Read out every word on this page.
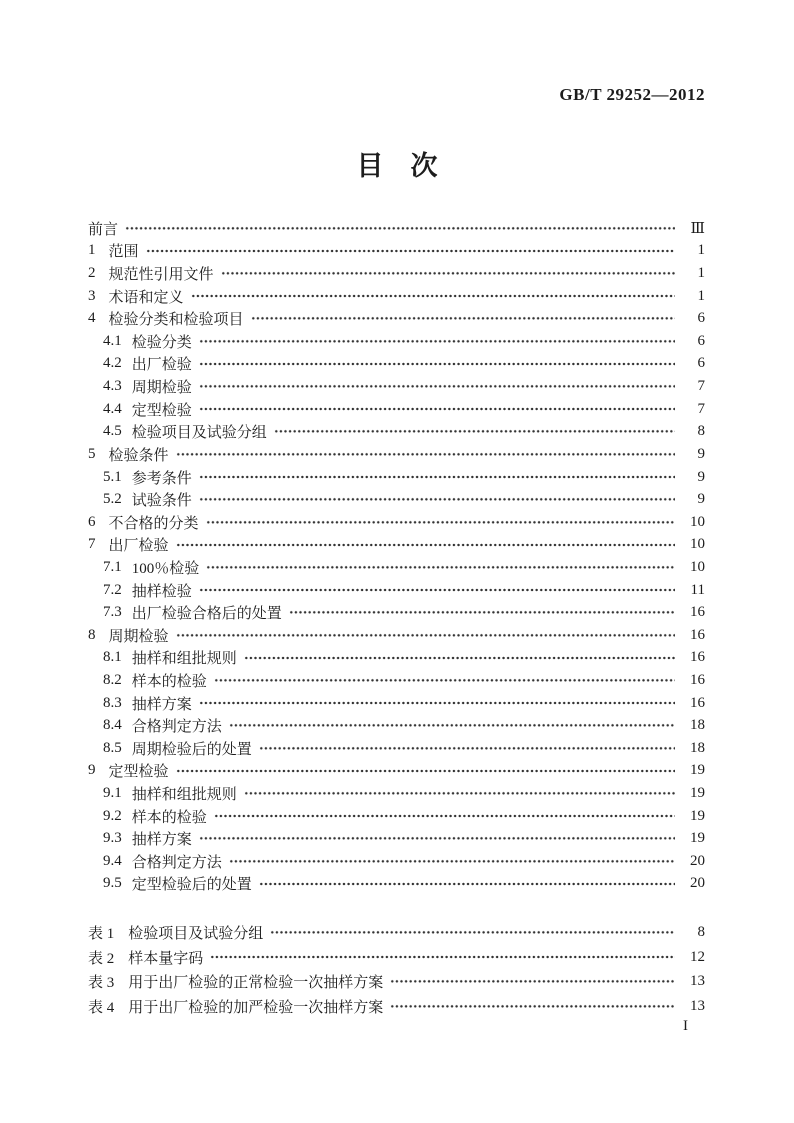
GB/T 29252—2012
目　次
前言	Ⅲ
1 范围	1
2 规范性引用文件	1
3 术语和定义	1
4 检验分类和检验项目	6
4.1 检验分类	6
4.2 出厂检验	6
4.3 周期检验	7
4.4 定型检验	7
4.5 检验项目及试验分组	8
5 检验条件	9
5.1 参考条件	9
5.2 试验条件	9
6 不合格的分类	10
7 出厂检验	10
7.1 100％检验	10
7.2 抽样检验	11
7.3 出厂检验合格后的处置	16
8 周期检验	16
8.1 抽样和组批规则	16
8.2 样本的检验	16
8.3 抽样方案	16
8.4 合格判定方法	18
8.5 周期检验后的处置	18
9 定型检验	19
9.1 抽样和组批规则	19
9.2 样本的检验	19
9.3 抽样方案	19
9.4 合格判定方法	20
9.5 定型检验后的处置	20
表 1 检验项目及试验分组	8
表 2 样本量字码	12
表 3 用于出厂检验的正常检验一次抽样方案	13
表 4 用于出厂检验的加严检验一次抽样方案	13
I
